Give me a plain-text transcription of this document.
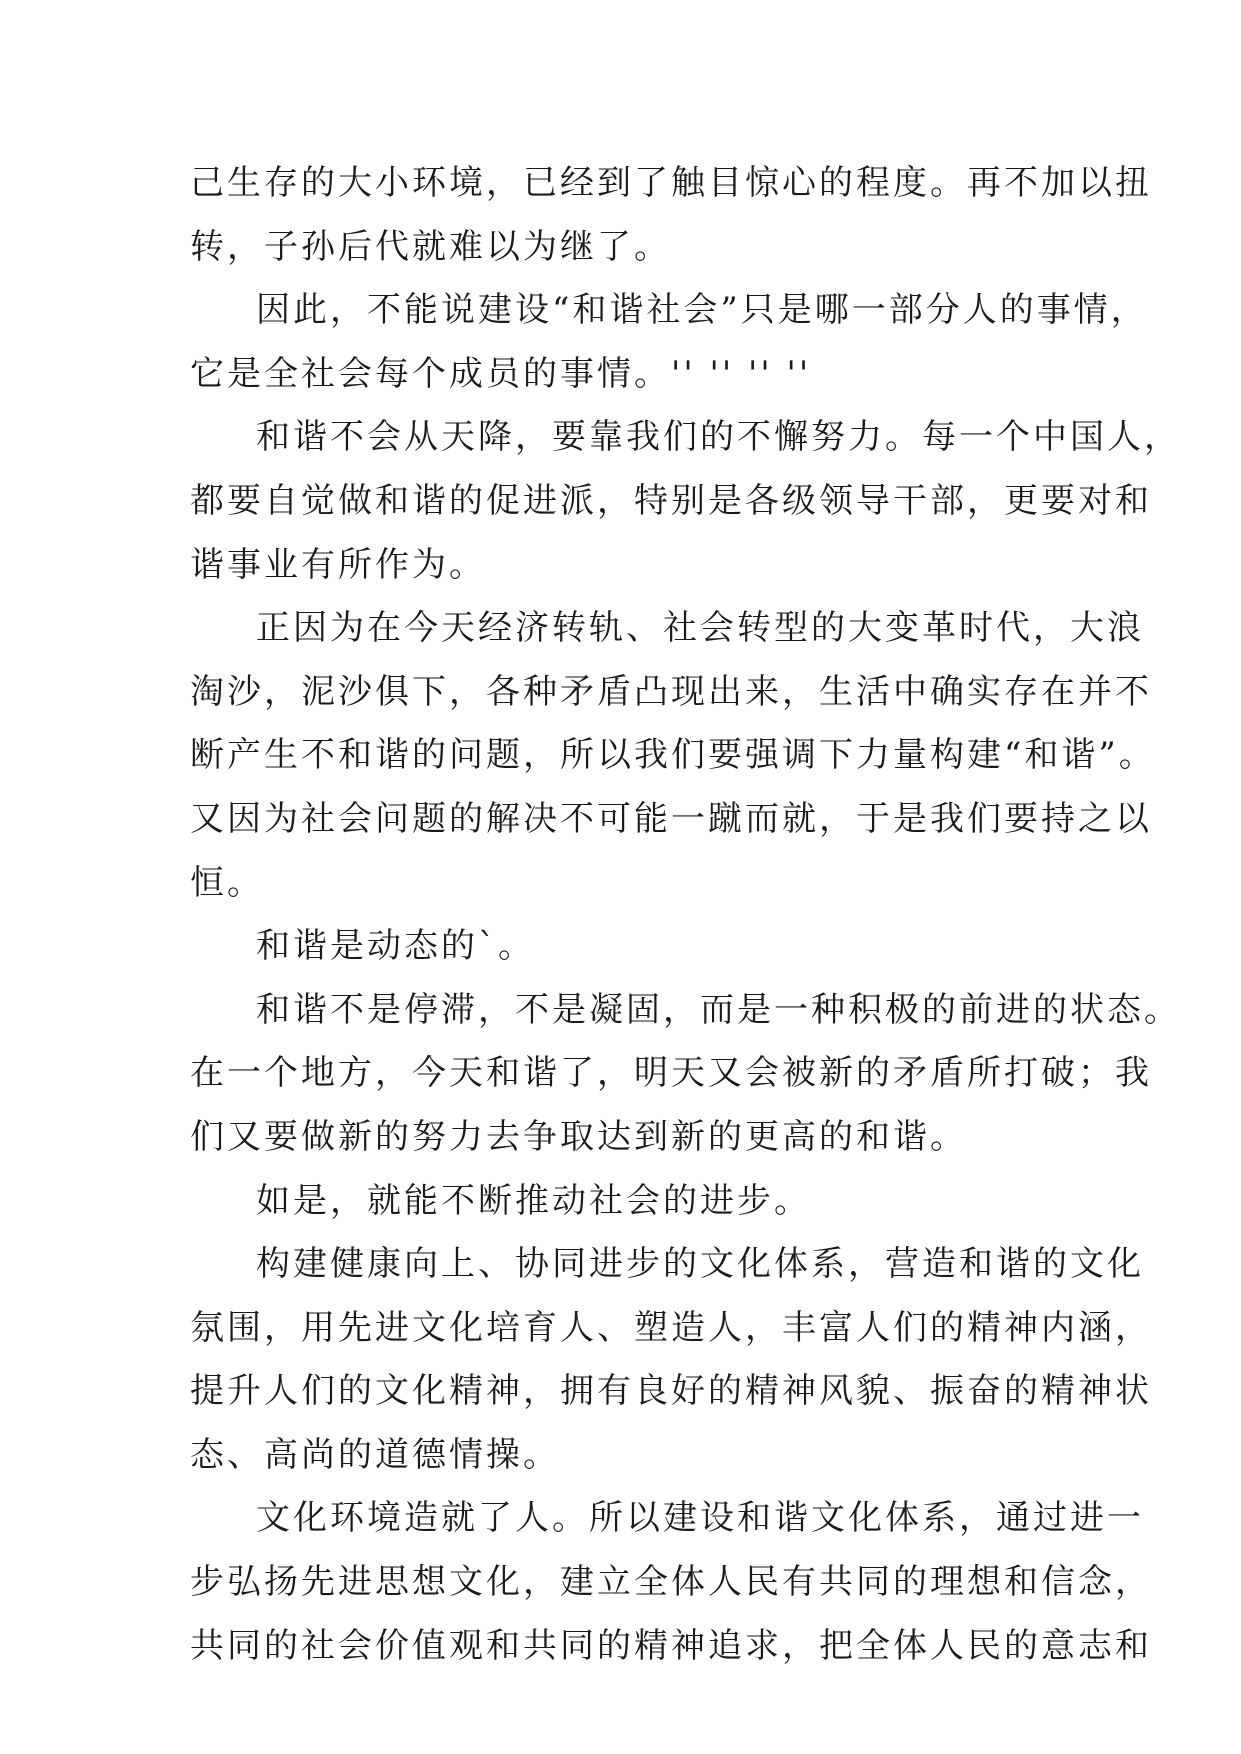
己生存的大小环境，已经到了触目惊心的程度。再不加以扭
转，子孙后代就难以为继了。
因此，不能说建设“和谐社会”只是哪一部分人的事情，
它是全社会每个成员的事情。'' '' '' ''
和谐不会从天降，要靠我们的不懈努力。每一个中国人，
都要自觉做和谐的促进派，特别是各级领导干部，更要对和
谐事业有所作为。
正因为在今天经济转轨、社会转型的大变革时代，大浪
淘沙，泥沙俱下，各种矛盾凸现出来，生活中确实存在并不
断产生不和谐的问题，所以我们要强调下力量构建“和谐”。
又因为社会问题的解决不可能一蹴而就，于是我们要持之以
恒。
和谐是动态的`。
和谐不是停滞，不是凝固，而是一种积极的前进的状态。
在一个地方，今天和谐了，明天又会被新的矛盾所打破；我
们又要做新的努力去争取达到新的更高的和谐。
如是，就能不断推动社会的进步。
构建健康向上、协同进步的文化体系，营造和谐的文化
氛围，用先进文化培育人、塑造人，丰富人们的精神内涵，
提升人们的文化精神，拥有良好的精神风貌、振奋的精神状
态、高尚的道德情操。
文化环境造就了人。所以建设和谐文化体系，通过进一
步弘扬先进思想文化，建立全体人民有共同的理想和信念，
共同的社会价值观和共同的精神追求，把全体人民的意志和
